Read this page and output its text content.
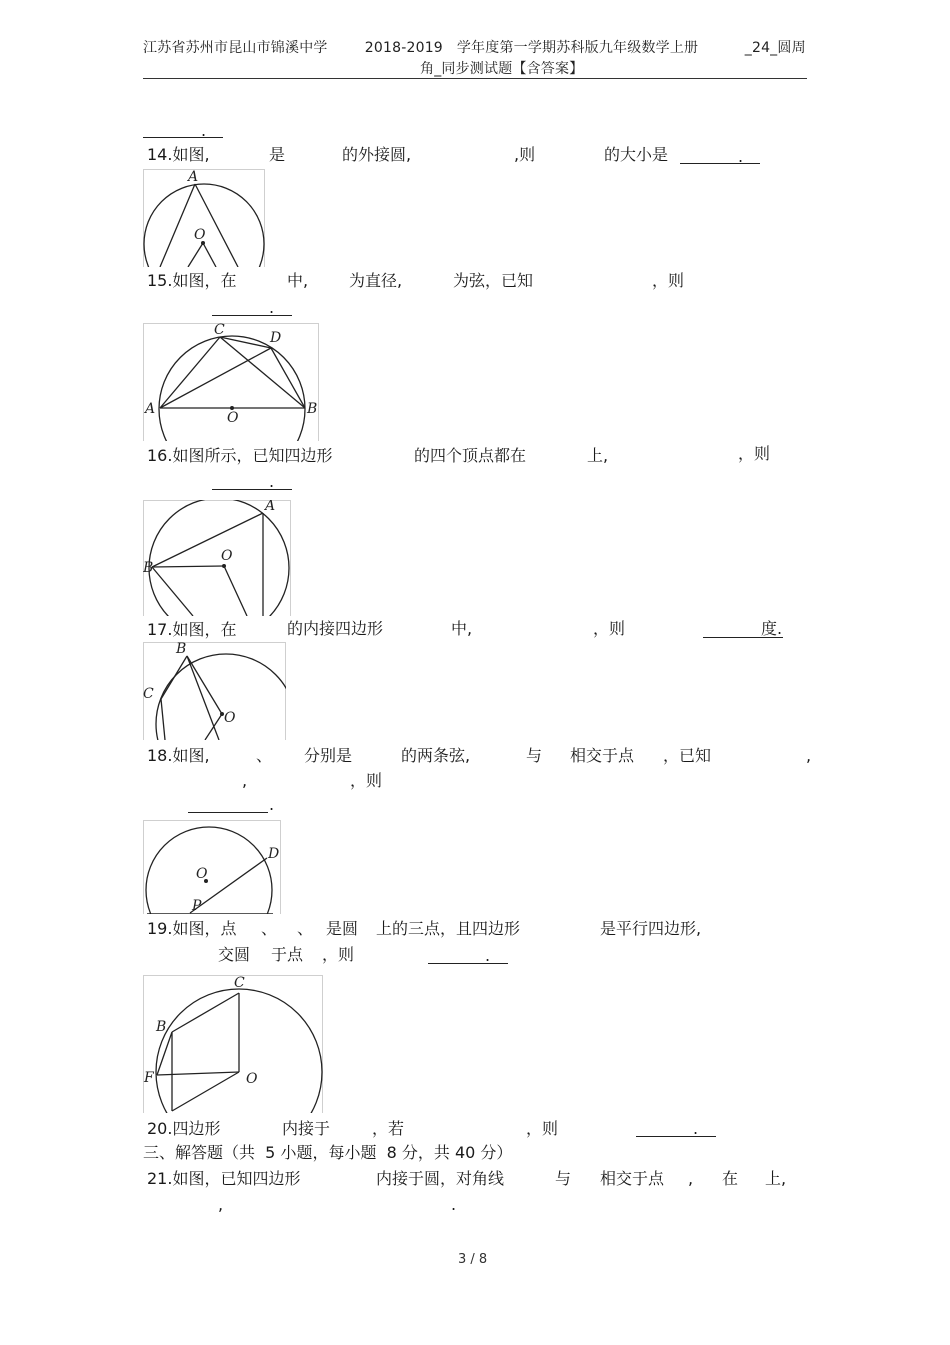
江苏省苏州市昆山市锦溪中学        2018-2019   学年度第一学期苏科版九年级数学上册          _24_圆周
角_同步测试题【含答案】
.
14.如图,	是	的外接圆,	,则	的大小是	.
A
O
15.如图，在	中,	为直径,	为弦，已知	，则
.
A	B
C	D
O
16.如图所示，已知四边形	的四个顶点都在	上,	，则
.
A
B
O
17.如图，在	的内接四边形	中,	，则	度.
B
C
O
18.如图,	、 分别是	的两条弦,	与 相交于点 ，已知	,
,	，则
.
O
D
P
19.如图，点 、 、 是圆 上的三点，且四边形	是平行四边形,
交圆 于点 ，则	.
C
B
F	O
20.四边形	内接于	，若	，则	.
三、解答题（共  5 小题，每小题  8 分，共 40 分）
21.如图，已知四边形	内接于圆，对角线	与 相交于点 , 在 上,
,	.
3 / 8
